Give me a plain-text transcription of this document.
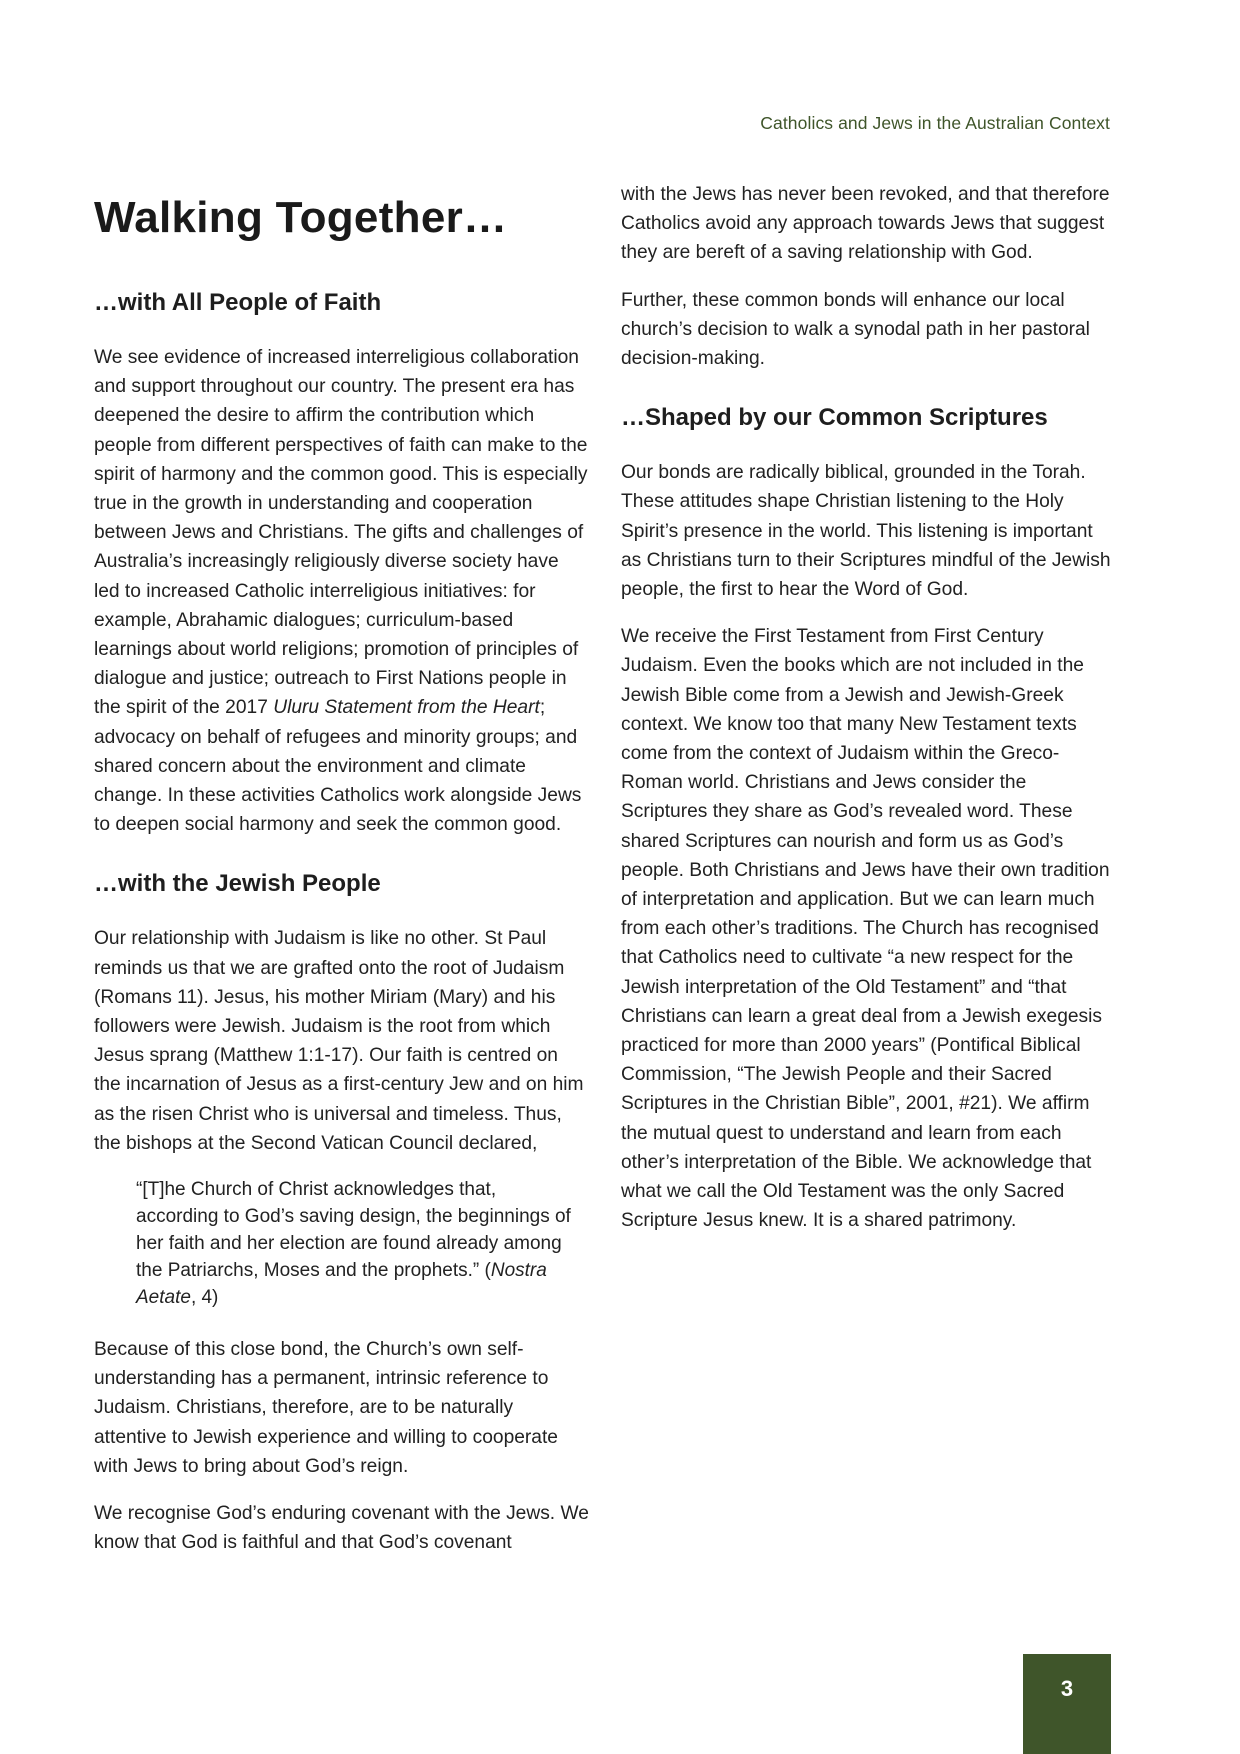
Catholics and Jews in the Australian Context
Walking Together…
…with All People of Faith

We see evidence of increased interreligious collaboration and support throughout our country. The present era has deepened the desire to affirm the contribution which people from different perspectives of faith can make to the spirit of harmony and the common good. This is especially true in the growth in understanding and cooperation between Jews and Christians. The gifts and challenges of Australia’s increasingly religiously diverse society have led to increased Catholic interreligious initiatives: for example, Abrahamic dialogues; curriculum-based learnings about world religions; promotion of principles of dialogue and justice; outreach to First Nations people in the spirit of the 2017 Uluru Statement from the Heart; advocacy on behalf of refugees and minority groups; and shared concern about the environment and climate change. In these activities Catholics work alongside Jews to deepen social harmony and seek the common good.

…with the Jewish People

Our relationship with Judaism is like no other. St Paul reminds us that we are grafted onto the root of Judaism (Romans 11). Jesus, his mother Miriam (Mary) and his followers were Jewish. Judaism is the root from which Jesus sprang (Matthew 1:1-17). Our faith is centred on the incarnation of Jesus as a first-century Jew and on him as the risen Christ who is universal and timeless. Thus, the bishops at the Second Vatican Council declared,

“[T]he Church of Christ acknowledges that, according to God’s saving design, the beginnings of her faith and her election are found already among the Patriarchs, Moses and the prophets.” (Nostra Aetate, 4)

Because of this close bond, the Church’s own self-understanding has a permanent, intrinsic reference to Judaism. Christians, therefore, are to be naturally attentive to Jewish experience and willing to cooperate with Jews to bring about God’s reign.

We recognise God’s enduring covenant with the Jews. We know that God is faithful and that God’s covenant

with the Jews has never been revoked, and that therefore Catholics avoid any approach towards Jews that suggest they are bereft of a saving relationship with God.

Further, these common bonds will enhance our local church’s decision to walk a synodal path in her pastoral decision-making.

…Shaped by our Common Scriptures

Our bonds are radically biblical, grounded in the Torah. These attitudes shape Christian listening to the Holy Spirit’s presence in the world. This listening is important as Christians turn to their Scriptures mindful of the Jewish people, the first to hear the Word of God.

We receive the First Testament from First Century Judaism. Even the books which are not included in the Jewish Bible come from a Jewish and Jewish-Greek context. We know too that many New Testament texts come from the context of Judaism within the Greco-Roman world. Christians and Jews consider the Scriptures they share as God’s revealed word. These shared Scriptures can nourish and form us as God’s people. Both Christians and Jews have their own tradition of interpretation and application. But we can learn much from each other’s traditions. The Church has recognised that Catholics need to cultivate “a new respect for the Jewish interpretation of the Old Testament” and “that Christians can learn a great deal from a Jewish exegesis practiced for more than 2000 years” (Pontifical Biblical Commission, “The Jewish People and their Sacred Scriptures in the Christian Bible”, 2001, #21). We affirm the mutual quest to understand and learn from each other’s interpretation of the Bible. We acknowledge that what we call the Old Testament was the only Sacred Scripture Jesus knew. It is a shared patrimony.

3
